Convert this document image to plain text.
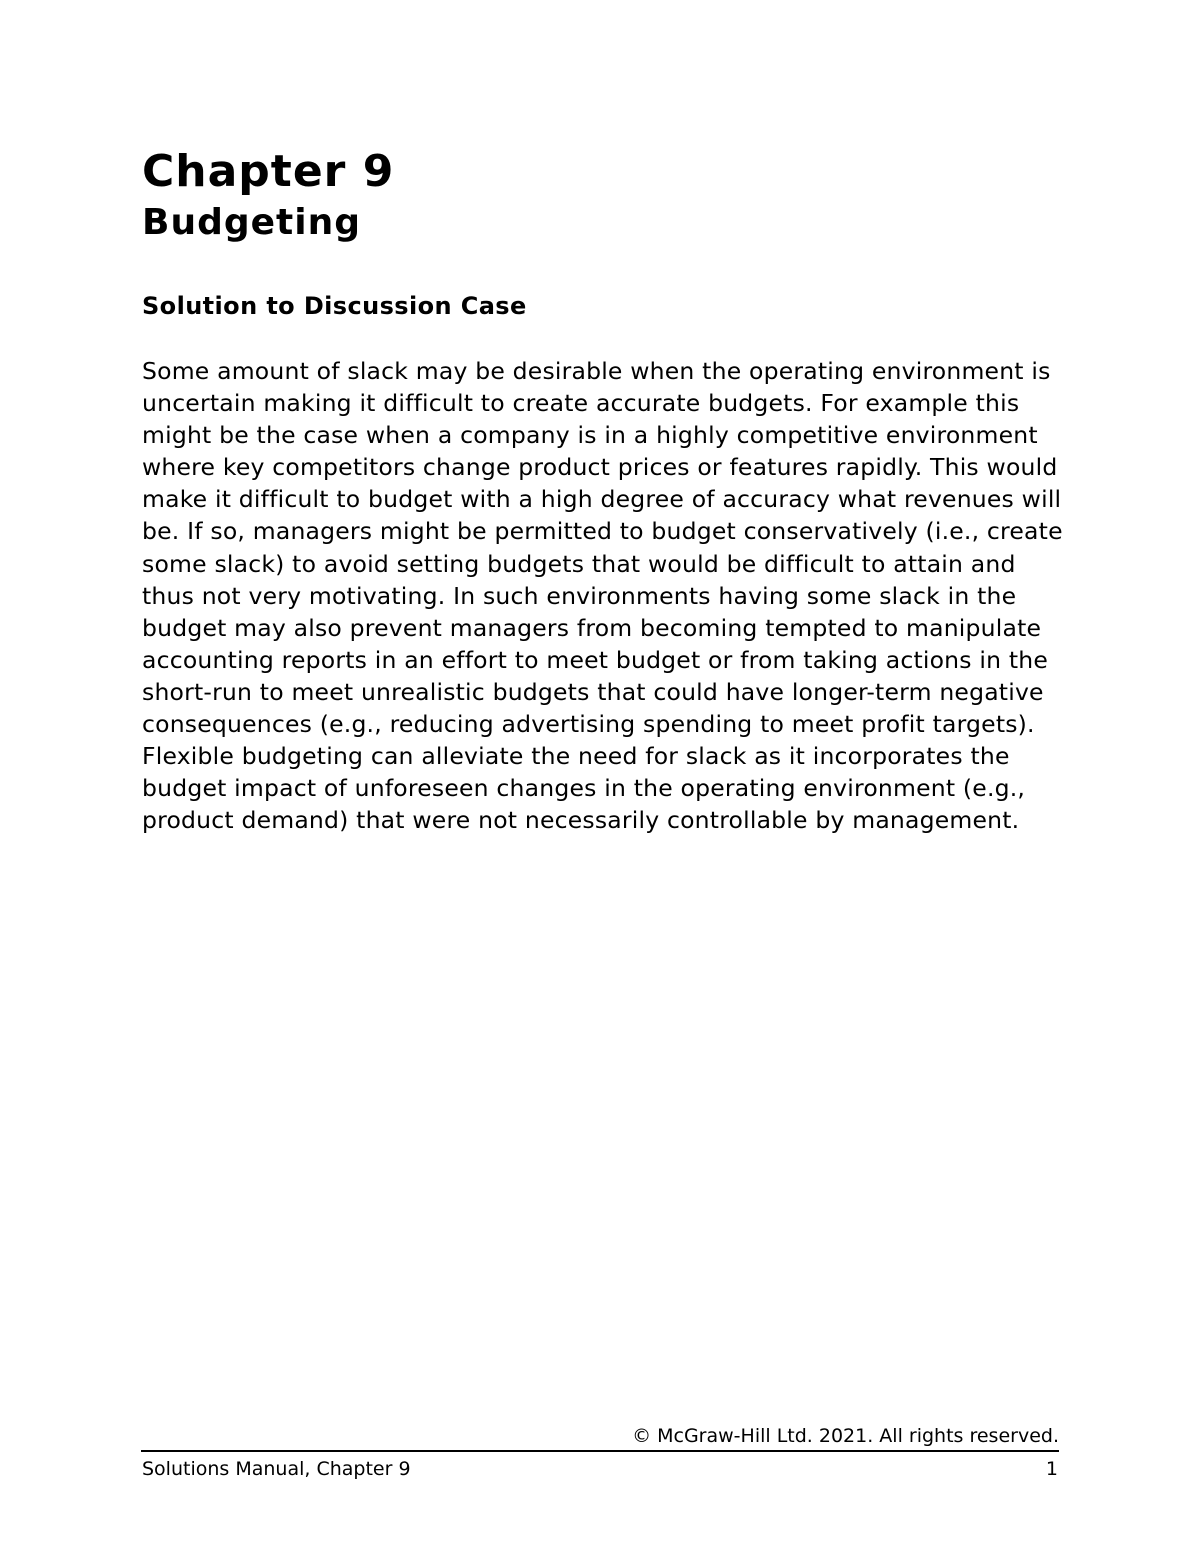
Chapter 9
Budgeting
Solution to Discussion Case

Some amount of slack may be desirable when the operating environment is uncertain making it difficult to create accurate budgets. For example this might be the case when a company is in a highly competitive environment where key competitors change product prices or features rapidly. This would make it difficult to budget with a high degree of accuracy what revenues will be. If so, managers might be permitted to budget conservatively (i.e., create some slack) to avoid setting budgets that would be difficult to attain and thus not very motivating. In such environments having some slack in the budget may also prevent managers from becoming tempted to manipulate accounting reports in an effort to meet budget or from taking actions in the short-run to meet unrealistic budgets that could have longer-term negative consequences (e.g., reducing advertising spending to meet profit targets). Flexible budgeting can alleviate the need for slack as it incorporates the budget impact of unforeseen changes in the operating environment (e.g., product demand) that were not necessarily controllable by management.

© McGraw-Hill Ltd. 2021. All rights reserved.

Solutions Manual, Chapter 9	1
